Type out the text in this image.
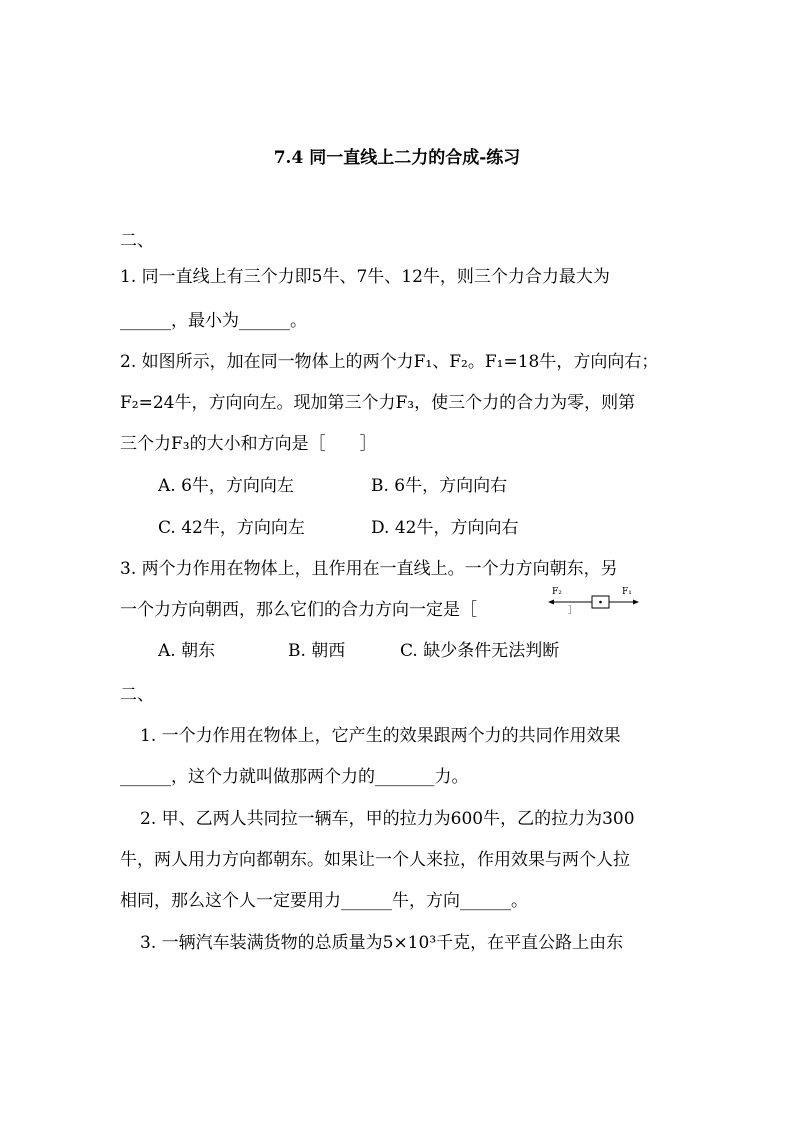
7.4 同一直线上二力的合成-练习
二、
1. 同一直线上有三个力即5牛、7牛、12牛，则三个力合力最大为
______，最小为______。
2. 如图所示，加在同一物体上的两个力F₁、F₂。F₁=18牛，方向向右；
F₂=24牛，方向向左。现加第三个力F₃，使三个力的合力为零，则第
三个力F₃的大小和方向是［　　］
A. 6牛，方向向左	B. 6牛，方向向右
C. 42牛，方向向左	D. 42牛，方向向右
3. 两个力作用在物体上，且作用在一直线上。一个力方向朝东，另
一个力方向朝西，那么它们的合力方向一定是［
F₂	F₁
］
A. 朝东	B. 朝西	C. 缺少条件无法判断
二、
1. 一个力作用在物体上，它产生的效果跟两个力的共同作用效果
______，这个力就叫做那两个力的_______力。
2. 甲、乙两人共同拉一辆车，甲的拉力为600牛，乙的拉力为300
牛，两人用力方向都朝东。如果让一个人来拉，作用效果与两个人拉
相同，那么这个人一定要用力______牛，方向______。
3. 一辆汽车装满货物的总质量为5×10³千克，在平直公路上由东
